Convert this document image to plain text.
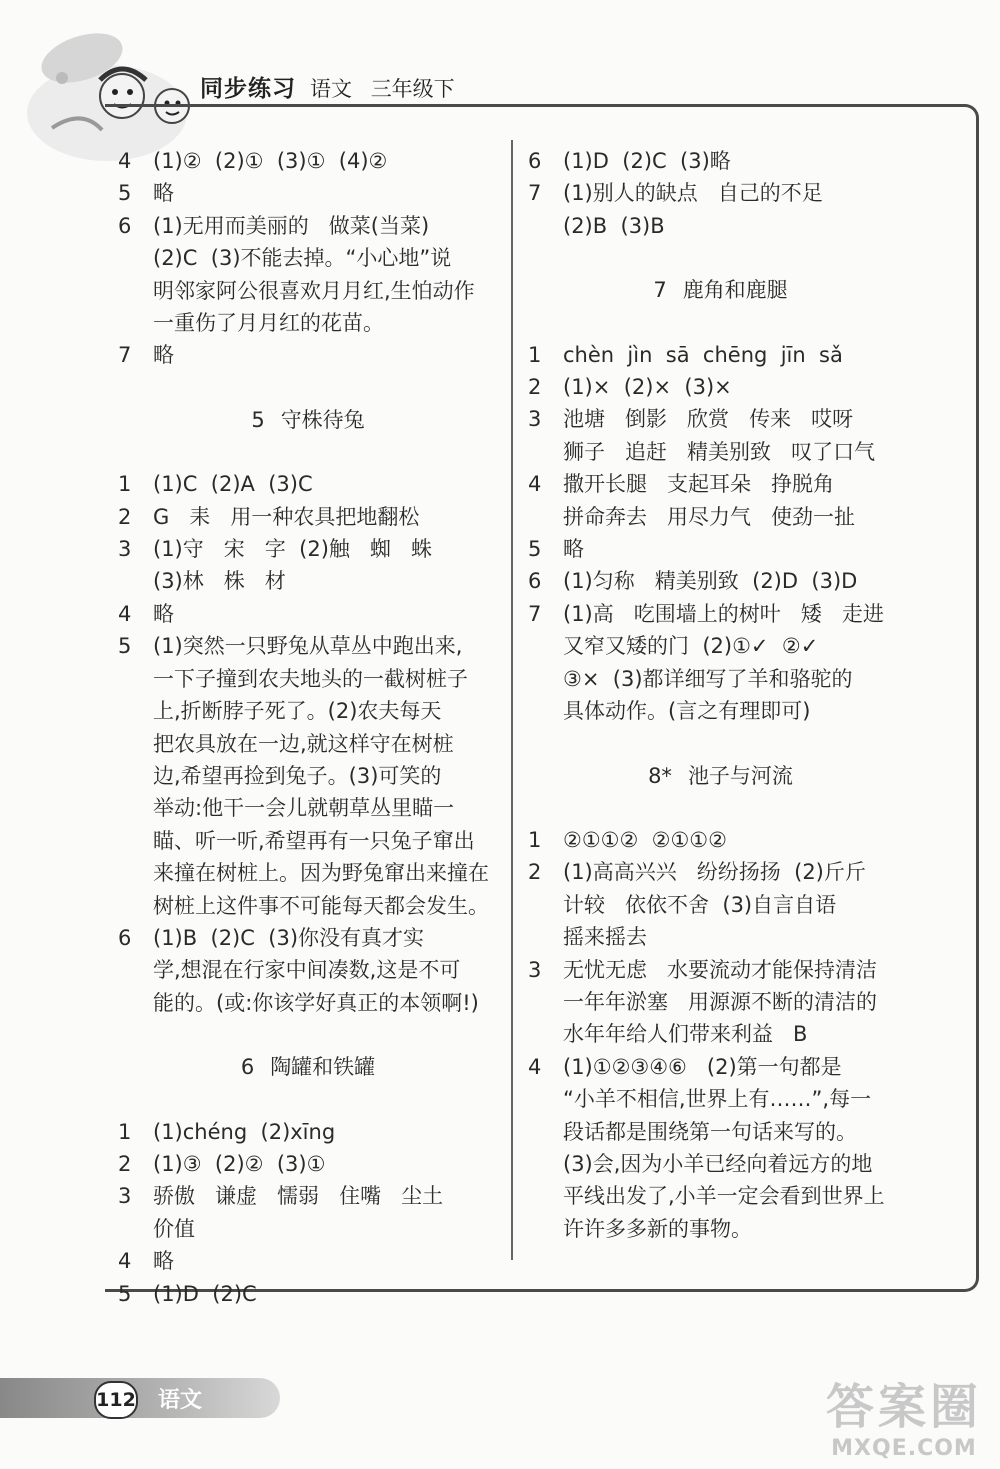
同步练习 语文 三年级下
4	(1)②  (2)①  (3)①  (4)②
5	略
6	(1)无用而美丽的   做菜(当菜)
(2)C  (3)不能去掉。“小心地”说
明邻家阿公很喜欢月月红,生怕动作
一重伤了月月红的花苗。
7	略
5 守株待兔
1	(1)C  (2)A  (3)C
2	G   耒   用一种农具把地翻松
3	(1)守   宋   字  (2)触   蜘   蛛
(3)林   株   材
4	略
5	(1)突然一只野兔从草丛中跑出来,
一下子撞到农夫地头的一截树桩子
上,折断脖子死了。(2)农夫每天
把农具放在一边,就这样守在树桩
边,希望再捡到兔子。(3)可笑的
举动:他干一会儿就朝草丛里瞄一
瞄、听一听,希望再有一只兔子窜出
来撞在树桩上。因为野兔窜出来撞在
树桩上这件事不可能每天都会发生。
6	(1)B  (2)C  (3)你没有真才实
学,想混在行家中间凑数,这是不可
能的。(或:你该学好真正的本领啊!)
6 陶罐和铁罐
1	(1)chéng  (2)xīng
2	(1)③  (2)②  (3)①
3	骄傲   谦虚   懦弱   住嘴   尘土
价值
4	略
5	(1)D  (2)C
6	(1)D  (2)C  (3)略
7	(1)别人的缺点   自己的不足
(2)B  (3)B
7 鹿角和鹿腿
1	chèn  jìn  sā  chēng  jīn  sǎ
2	(1)×  (2)×  (3)×
3	池塘   倒影   欣赏   传来   哎呀
狮子   追赶   精美别致   叹了口气
4	撒开长腿   支起耳朵   挣脱角
拼命奔去   用尽力气   使劲一扯
5	略
6	(1)匀称   精美别致  (2)D  (3)D
7	(1)高   吃围墙上的树叶   矮   走进
又窄又矮的门  (2)①✓  ②✓
③×  (3)都详细写了羊和骆驼的
具体动作。(言之有理即可)
8* 池子与河流
1	②①①②  ②①①②
2	(1)高高兴兴   纷纷扬扬  (2)斤斤
计较   依依不舍  (3)自言自语
摇来摇去
3	无忧无虑   水要流动才能保持清洁
一年年淤塞   用源源不断的清洁的
水年年给人们带来利益   B
4	(1)①②③④⑥   (2)第一句都是
“小羊不相信,世界上有……”,每一
段话都是围绕第一句话来写的。
(3)会,因为小羊已经向着远方的地
平线出发了,小羊一定会看到世界上
许许多多新的事物。
112 语文	答案圈
MXQE.COM
